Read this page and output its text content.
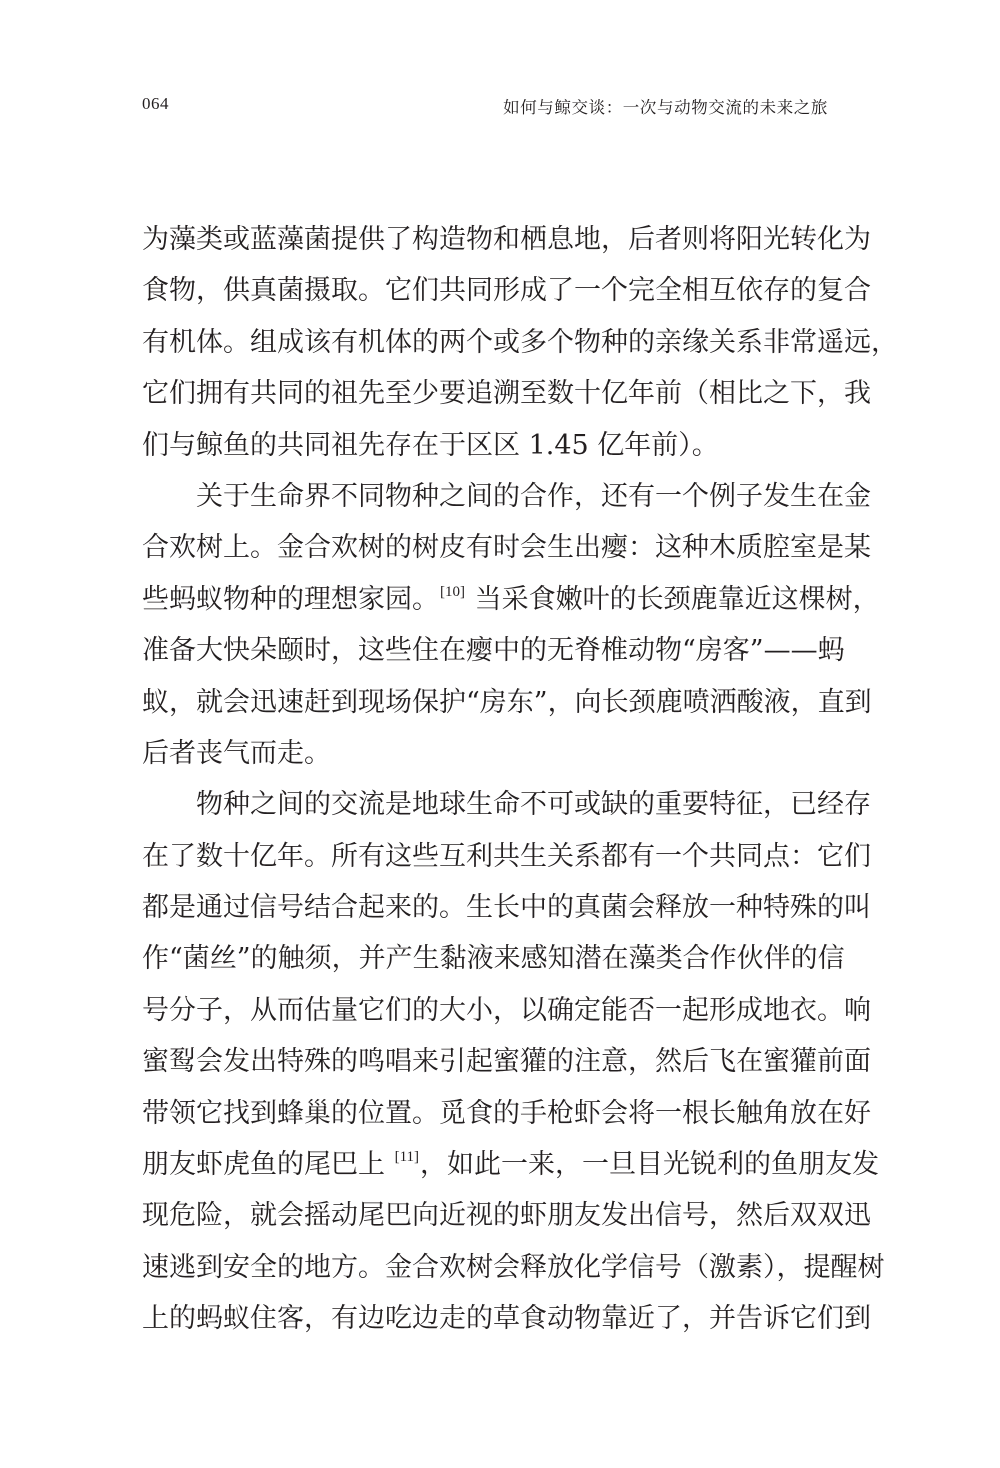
064	如何与鲸交谈：一次与动物交流的未来之旅

为藻类或蓝藻菌提供了构造物和栖息地，后者则将阳光转化为
食物，供真菌摄取。它们共同形成了一个完全相互依存的复合
有机体。组成该有机体的两个或多个物种的亲缘关系非常遥远，
它们拥有共同的祖先至少要追溯至数十亿年前（相比之下，我
们与鲸鱼的共同祖先存在于区区 1.45 亿年前）。

关于生命界不同物种之间的合作，还有一个例子发生在金
合欢树上。金合欢树的树皮有时会生出瘿：这种木质腔室是某
些蚂蚁物种的理想家园。[10] 当采食嫩叶的长颈鹿靠近这棵树，
准备大快朵颐时，这些住在瘿中的无脊椎动物“房客”——蚂
蚁，就会迅速赶到现场保护“房东”，向长颈鹿喷洒酸液，直到
后者丧气而走。

物种之间的交流是地球生命不可或缺的重要特征，已经存
在了数十亿年。所有这些互利共生关系都有一个共同点：它们
都是通过信号结合起来的。生长中的真菌会释放一种特殊的叫
作“菌丝”的触须，并产生黏液来感知潜在藻类合作伙伴的信
号分子，从而估量它们的大小，以确定能否一起形成地衣。响
蜜䴕会发出特殊的鸣唱来引起蜜獾的注意，然后飞在蜜獾前面
带领它找到蜂巢的位置。觅食的手枪虾会将一根长触角放在好
朋友虾虎鱼的尾巴上 [11]，如此一来，一旦目光锐利的鱼朋友发
现危险，就会摇动尾巴向近视的虾朋友发出信号，然后双双迅
速逃到安全的地方。金合欢树会释放化学信号（激素），提醒树
上的蚂蚁住客，有边吃边走的草食动物靠近了，并告诉它们到
